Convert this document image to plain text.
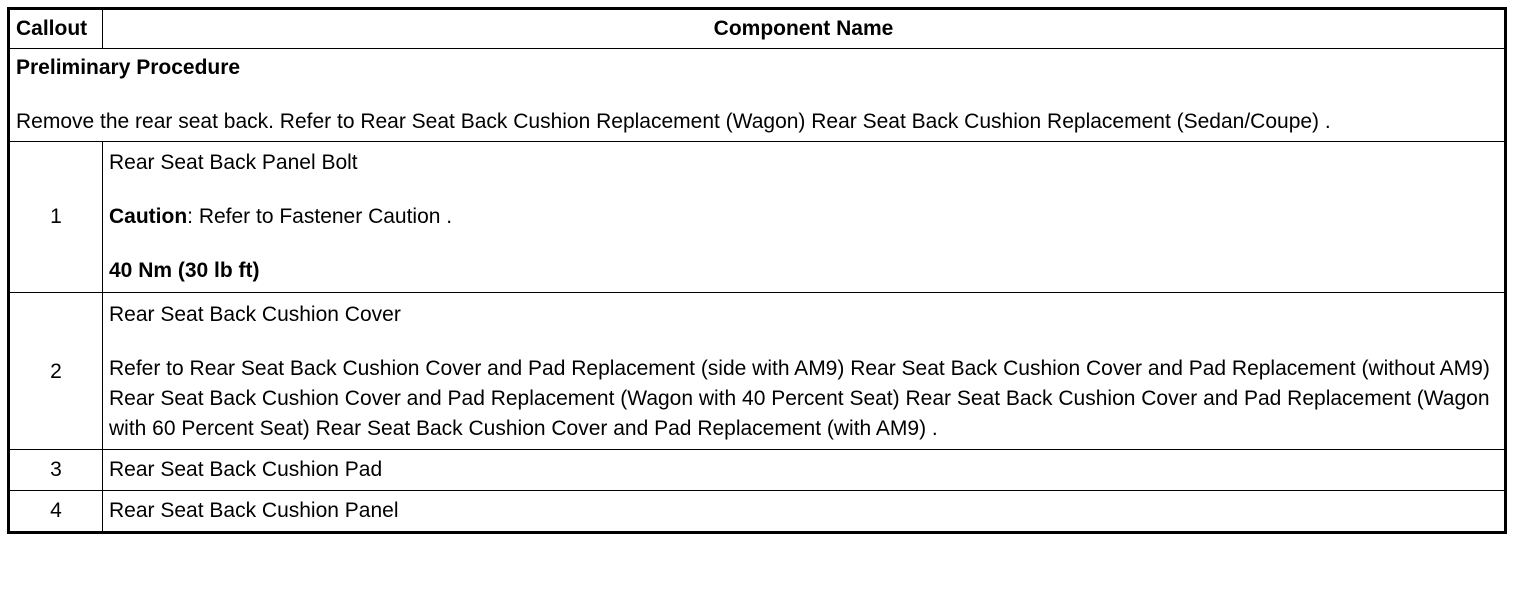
Callout	Component Name

Preliminary Procedure

Remove the rear seat back. Refer to Rear Seat Back Cushion Replacement (Wagon) Rear Seat Back Cushion Replacement (Sedan/Coupe) .	

1	Rear Seat Back Panel Bolt

Caution: Refer to Fastener Caution .

40 Nm (30 lb ft)

2	Rear Seat Back Cushion Cover

Refer to Rear Seat Back Cushion Cover and Pad Replacement (side with AM9) Rear Seat Back Cushion Cover and Pad Replacement (without AM9) Rear Seat Back Cushion Cover and Pad Replacement (Wagon with 40 Percent Seat) Rear Seat Back Cushion Cover and Pad Replacement (Wagon with 60 Percent Seat) Rear Seat Back Cushion Cover and Pad Replacement (with AM9) .

3	Rear Seat Back Cushion Pad
4	Rear Seat Back Cushion Panel
